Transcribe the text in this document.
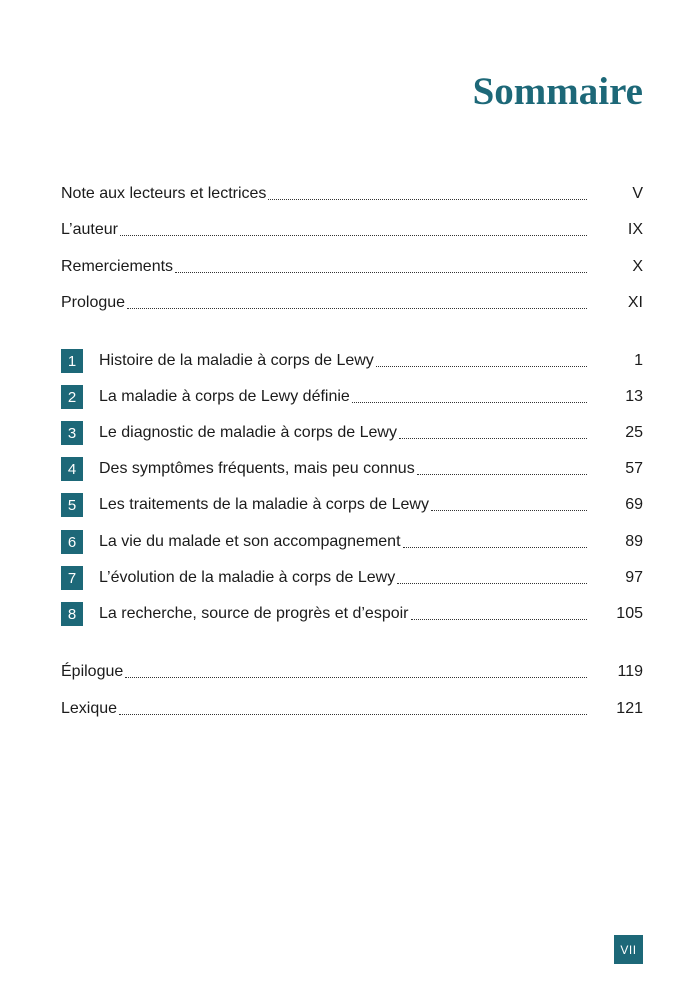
Sommaire
Note aux lecteurs et lectrices	V
L’auteur	IX
Remerciements	X
Prologue	XI
1	Histoire de la maladie à corps de Lewy	1
2	La maladie à corps de Lewy définie	13
3	Le diagnostic de maladie à corps de Lewy	25
4	Des symptômes fréquents, mais peu connus	57
5	Les traitements de la maladie à corps de Lewy	69
6	La vie du malade et son accompagnement	89
7	L’évolution de la maladie à corps de Lewy	97
8	La recherche, source de progrès et d’espoir	105
Épilogue	119
Lexique	121
VII
